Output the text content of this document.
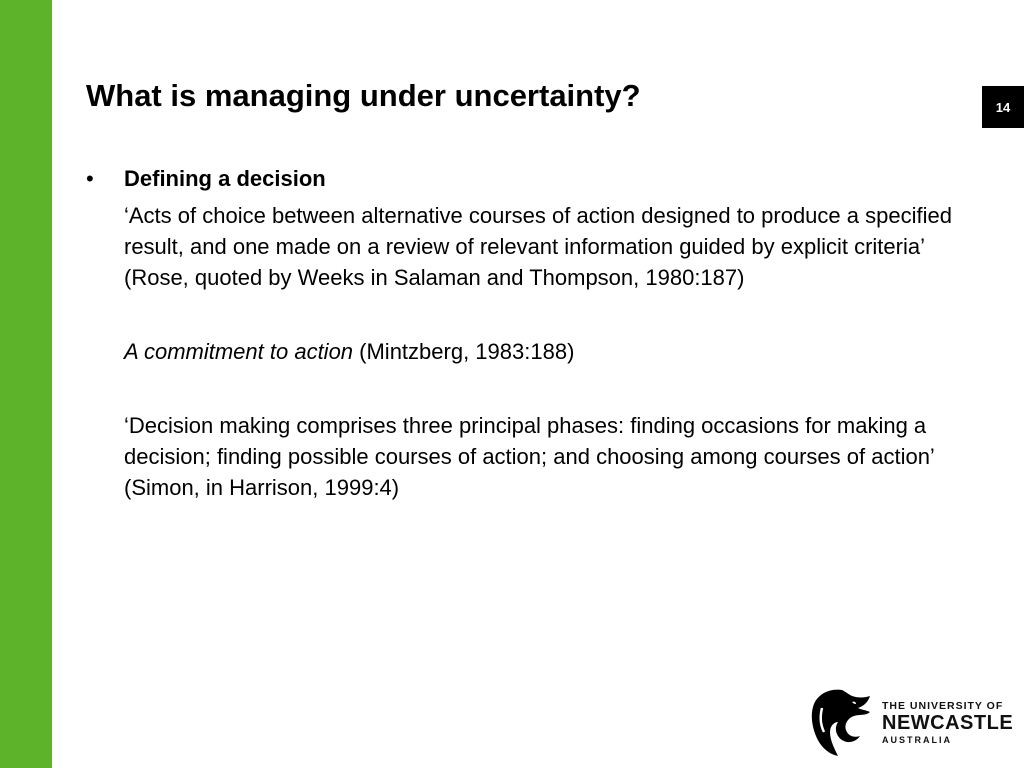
What is managing under uncertainty?	14
•	Defining a decision
‘Acts of choice between alternative courses of action designed to produce a specified result, and one made on a review of relevant information guided by explicit criteria’ (Rose, quoted by Weeks in Salaman and Thompson, 1980:187)
A commitment to action (Mintzberg, 1983:188)
‘Decision making comprises three principal phases: finding occasions for making a decision; finding possible courses of action; and choosing among courses of action’ (Simon, in Harrison, 1999:4)
THE UNIVERSITY OF
NEWCASTLE
AUSTRALIA
